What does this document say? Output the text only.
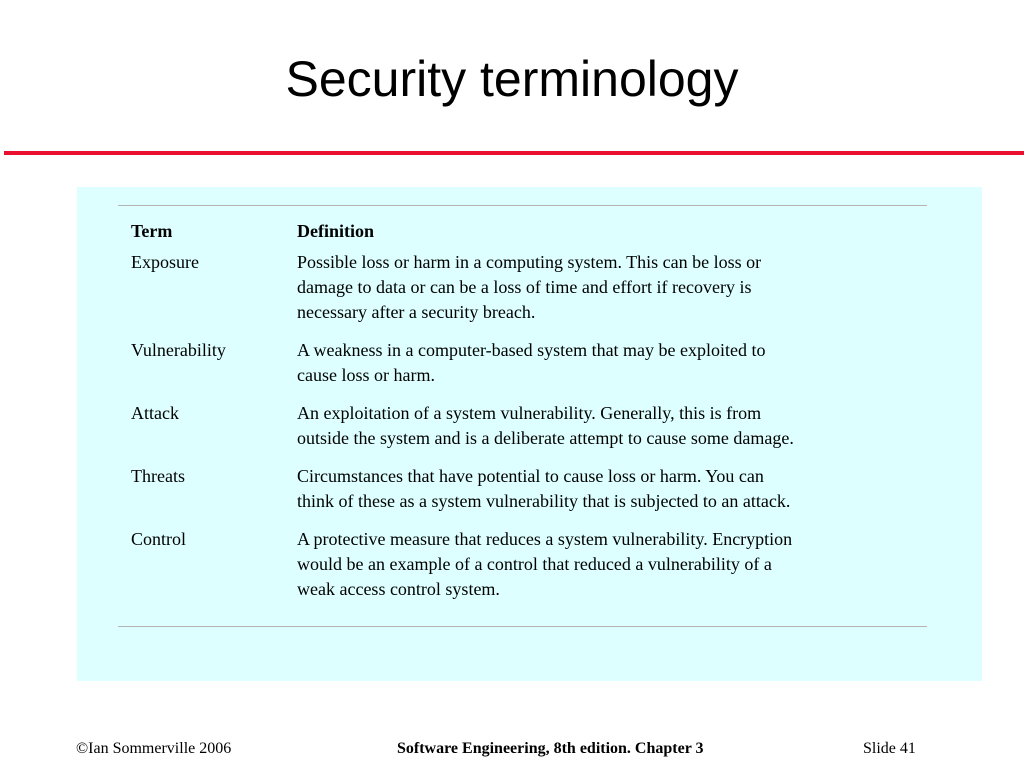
Security terminology
Term	Definition
Exposure	Possible loss or harm in a computing system. This can be loss or
damage to data or can be a loss of time and effort if recovery is
necessary after a security breach.
Vulnerability	A weakness in a computer-based system that may be exploited to
cause loss or harm.
Attack	An exploitation of a system vulnerability. Generally, this is from
outside the system and is a deliberate attempt to cause some damage.
Threats	Circumstances that have potential to cause loss or harm. You can
think of these as a system vulnerability that is subjected to an attack.
Control	A protective measure that reduces a system vulnerability. Encryption
would be an example of a control that reduced a vulnerability of a
weak access control system.
©Ian Sommerville 2006	Software Engineering, 8th edition. Chapter 3	Slide 41
